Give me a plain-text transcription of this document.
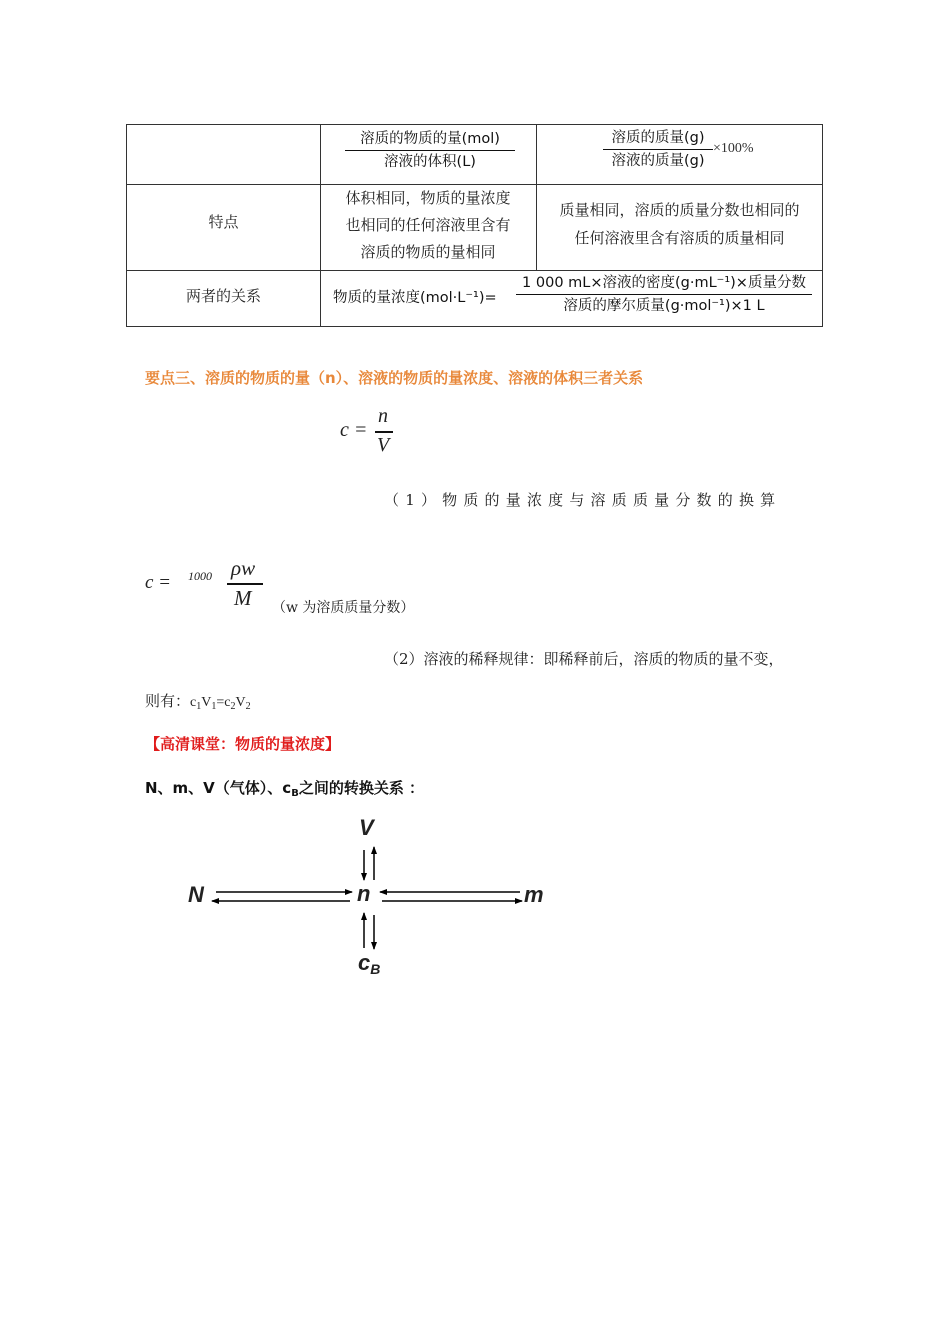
溶质的物质的量(mol)
溶液的体积(L)
溶质的质量(g)
溶液的质量(g)
×100%
特点
体积相同，物质的量浓度
也相同的任何溶液里含有
溶质的物质的量相同
质量相同，溶质的质量分数也相同的
任何溶液里含有溶质的质量相同
两者的关系	物质的量浓度(mol·L⁻¹)=
1 000 mL×溶液的密度(g·mL⁻¹)×质量分数
溶质的摩尔质量(g·mol⁻¹)×1 L
要点三、溶质的物质的量（n）、溶液的物质的量浓度、溶液的体积三者关系
c =
n
V
（1）物质的量浓度与溶质质量分数的换算
c = 1000 ρw
M （w 为溶质质量分数）
（2）溶液的稀释规律：即稀释前后，溶质的物质的量不变，
则有：$c_1V_1=c_2V_2$
【高清课堂：物质的量浓度】
N、m、V（气体）、$c_B$之间的转换关系 ：
V
n
N	m
cB
